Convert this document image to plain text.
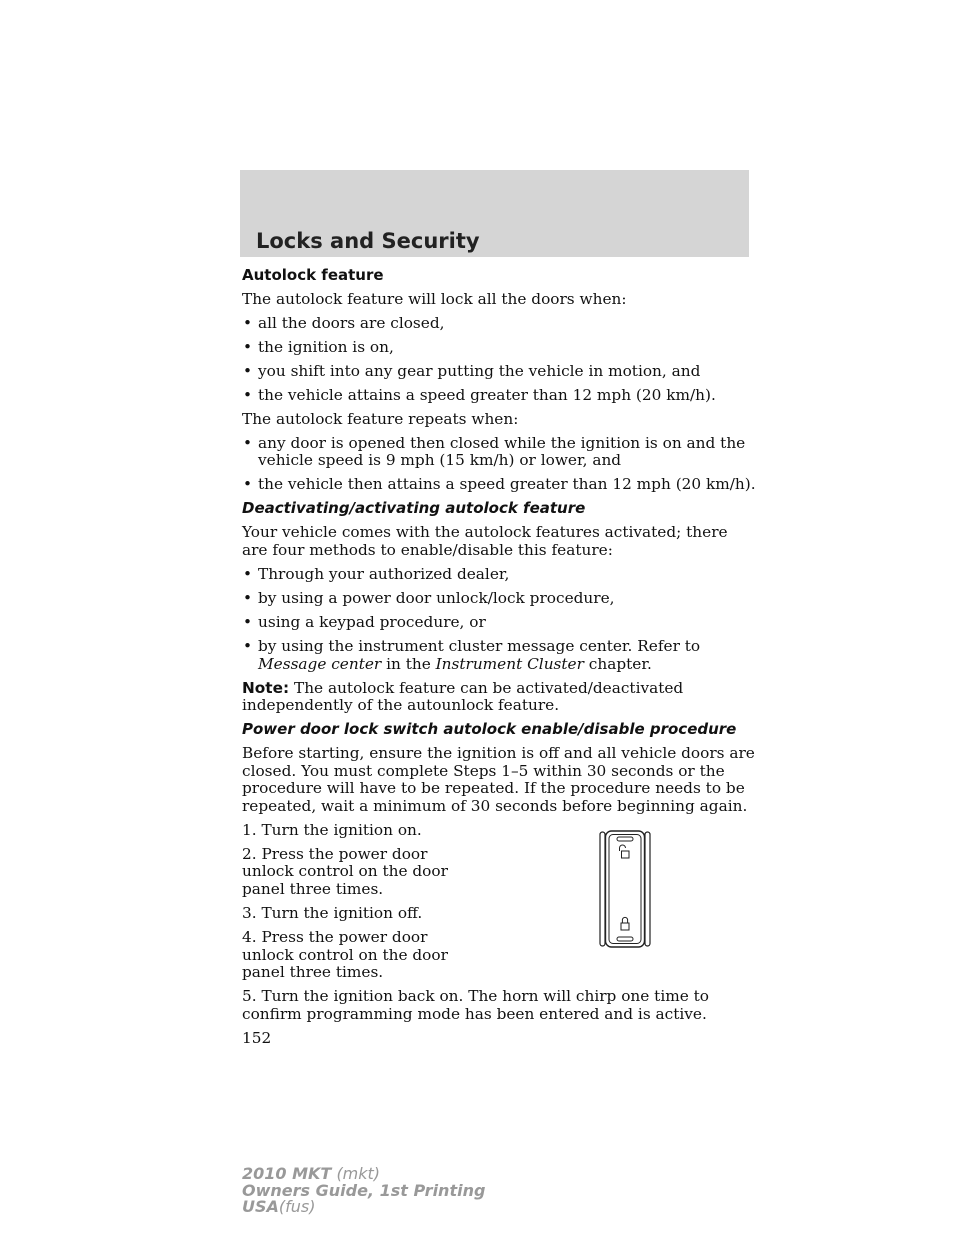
Locks and Security

Autolock feature

The autolock feature will lock all the doors when:

• all the doors are closed,
• the ignition is on,
• you shift into any gear putting the vehicle in motion, and
• the vehicle attains a speed greater than 12 mph (20 km/h).

The autolock feature repeats when:

• any door is opened then closed while the ignition is on and the vehicle speed is 9 mph (15 km/h) or lower, and
• the vehicle then attains a speed greater than 12 mph (20 km/h).

Deactivating/activating autolock feature

Your vehicle comes with the autolock features activated; there are four methods to enable/disable this feature:

• Through your authorized dealer,
• by using a power door unlock/lock procedure,
• using a keypad procedure, or
• by using the instrument cluster message center. Refer to Message center in the Instrument Cluster chapter.

Note: The autolock feature can be activated/deactivated independently of the autounlock feature.

Power door lock switch autolock enable/disable procedure

Before starting, ensure the ignition is off and all vehicle doors are closed. You must complete Steps 1–5 within 30 seconds or the procedure will have to be repeated. If the procedure needs to be repeated, wait a minimum of 30 seconds before beginning again.

1. Turn the ignition on.

2. Press the power door unlock control on the door panel three times.

3. Turn the ignition off.

4. Press the power door unlock control on the door panel three times.

5. Turn the ignition back on. The horn will chirp one time to confirm programming mode has been entered and is active.

152
2010 MKT (mkt)
Owners Guide, 1st Printing
USA(fus)
